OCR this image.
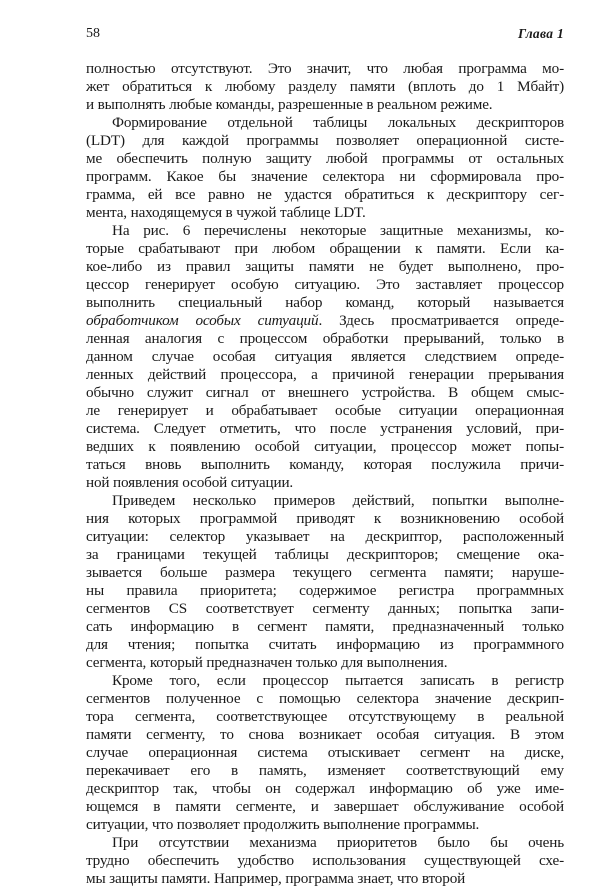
58	Глава 1
полностью отсутствуют. Это значит, что любая программа мо-
жет обратиться к любому разделу памяти (вплоть до 1 Мбайт)
и выполнять любые команды, разрешенные в реальном режиме.
Формирование отдельной таблицы локальных дескрипторов
(LDT) для каждой программы позволяет операционной систе-
ме обеспечить полную защиту любой программы от остальных
программ. Какое бы значение селектора ни сформировала про-
грамма, ей все равно не удастся обратиться к дескриптору сег-
мента, находящемуся в чужой таблице LDT.
На рис. 6 перечислены некоторые защитные механизмы, ко-
торые срабатывают при любом обращении к памяти. Если ка-
кое-либо из правил защиты памяти не будет выполнено, про-
цессор генерирует особую ситуацию. Это заставляет процессор
выполнить специальный набор команд, который называется
обработчиком особых ситуаций. Здесь просматривается опреде-
ленная аналогия с процессом обработки прерываний, только в
данном случае особая ситуация является следствием опреде-
ленных действий процессора, а причиной генерации прерывания
обычно служит сигнал от внешнего устройства. В общем смыс-
ле генерирует и обрабатывает особые ситуации операционная
система. Следует отметить, что после устранения условий, при-
ведших к появлению особой ситуации, процессор может попы-
таться вновь выполнить команду, которая послужила причи-
ной появления особой ситуации.
Приведем несколько примеров действий, попытки выполне-
ния которых программой приводят к возникновению особой
ситуации: селектор указывает на дескриптор, расположенный
за границами текущей таблицы дескрипторов; смещение ока-
зывается больше размера текущего сегмента памяти; наруше-
ны правила приоритета; содержимое регистра программных
сегментов CS соответствует сегменту данных; попытка запи-
сать информацию в сегмент памяти, предназначенный только
для чтения; попытка считать информацию из программного
сегмента, который предназначен только для выполнения.
Кроме того, если процессор пытается записать в регистр
сегментов полученное с помощью селектора значение дескрип-
тора сегмента, соответствующее отсутствующему в реальной
памяти сегменту, то снова возникает особая ситуация. В этом
случае операционная система отыскивает сегмент на диске,
перекачивает его в память, изменяет соответствующий ему
дескриптор так, чтобы он содержал информацию об уже име-
ющемся в памяти сегменте, и завершает обслуживание особой
ситуации, что позволяет продолжить выполнение программы.
При отсутствии механизма приоритетов было бы очень
трудно обеспечить удобство использования существующей схе-
мы защиты памяти. Например, программа знает, что второй
